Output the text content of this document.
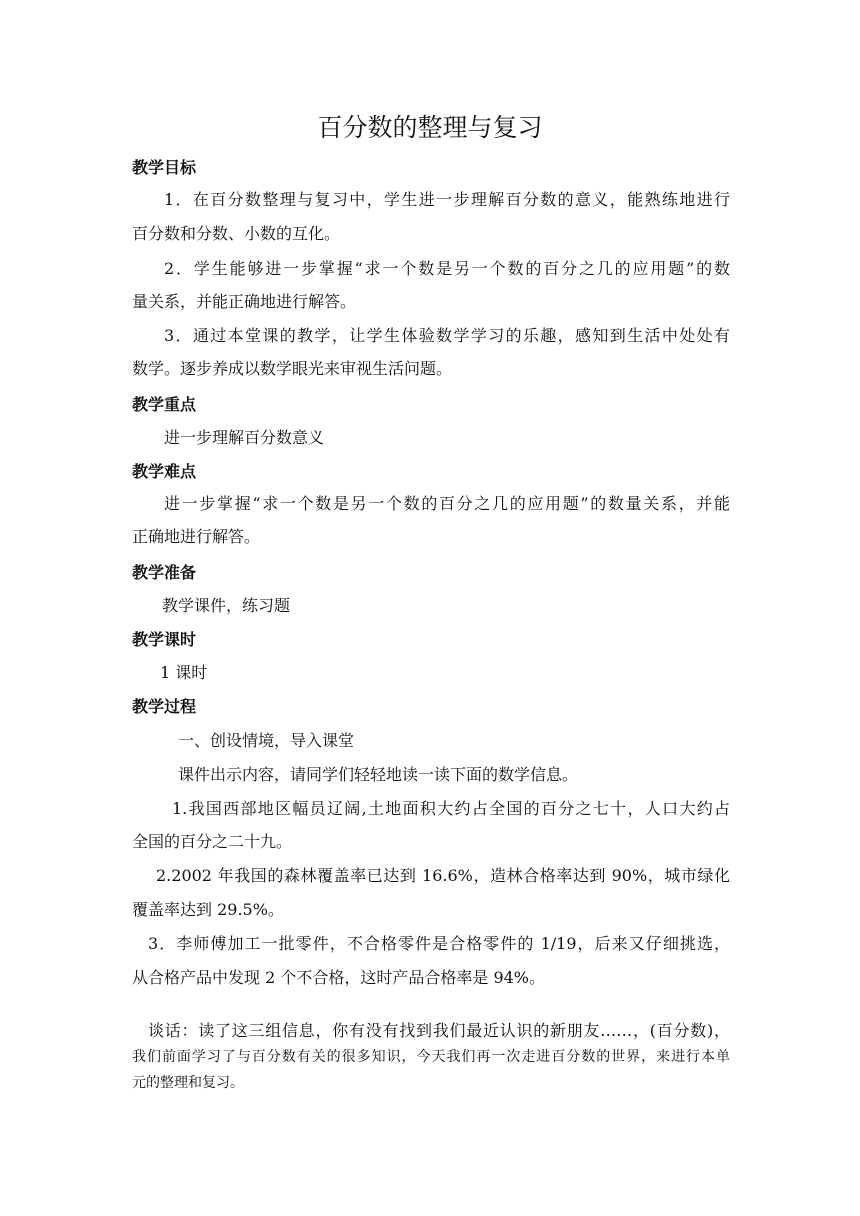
百分数的整理与复习
教学目标
1．在百分数整理与复习中，学生进一步理解百分数的意义，能熟练地进行
百分数和分数、小数的互化。
2．学生能够进一步掌握“求一个数是另一个数的百分之几的应用题”的数
量关系，并能正确地进行解答。
3．通过本堂课的教学，让学生体验数学学习的乐趣，感知到生活中处处有
数学。逐步养成以数学眼光来审视生活问题。
教学重点
进一步理解百分数意义
教学难点
进一步掌握“求一个数是另一个数的百分之几的应用题”的数量关系，并能
正确地进行解答。
教学准备
教学课件，练习题
教学课时
1 课时
教学过程
一、创设情境，导入课堂
课件出示内容，请同学们轻轻地读一读下面的数学信息。
1.我国西部地区幅员辽阔,土地面积大约占全国的百分之七十，人口大约占
全国的百分之二十九。
2.2002 年我国的森林覆盖率已达到 16.6%，造林合格率达到 90%，城市绿化
覆盖率达到 29.5%。
3．李师傅加工一批零件，不合格零件是合格零件的 1/19，后来又仔细挑选，
从合格产品中发现 2 个不合格，这时产品合格率是 94%。
谈话：读了这三组信息，你有没有找到我们最近认识的新朋友……，(百分数)，
我们前面学习了与百分数有关的很多知识，今天我们再一次走进百分数的世界，来进行本单
元的整理和复习。
